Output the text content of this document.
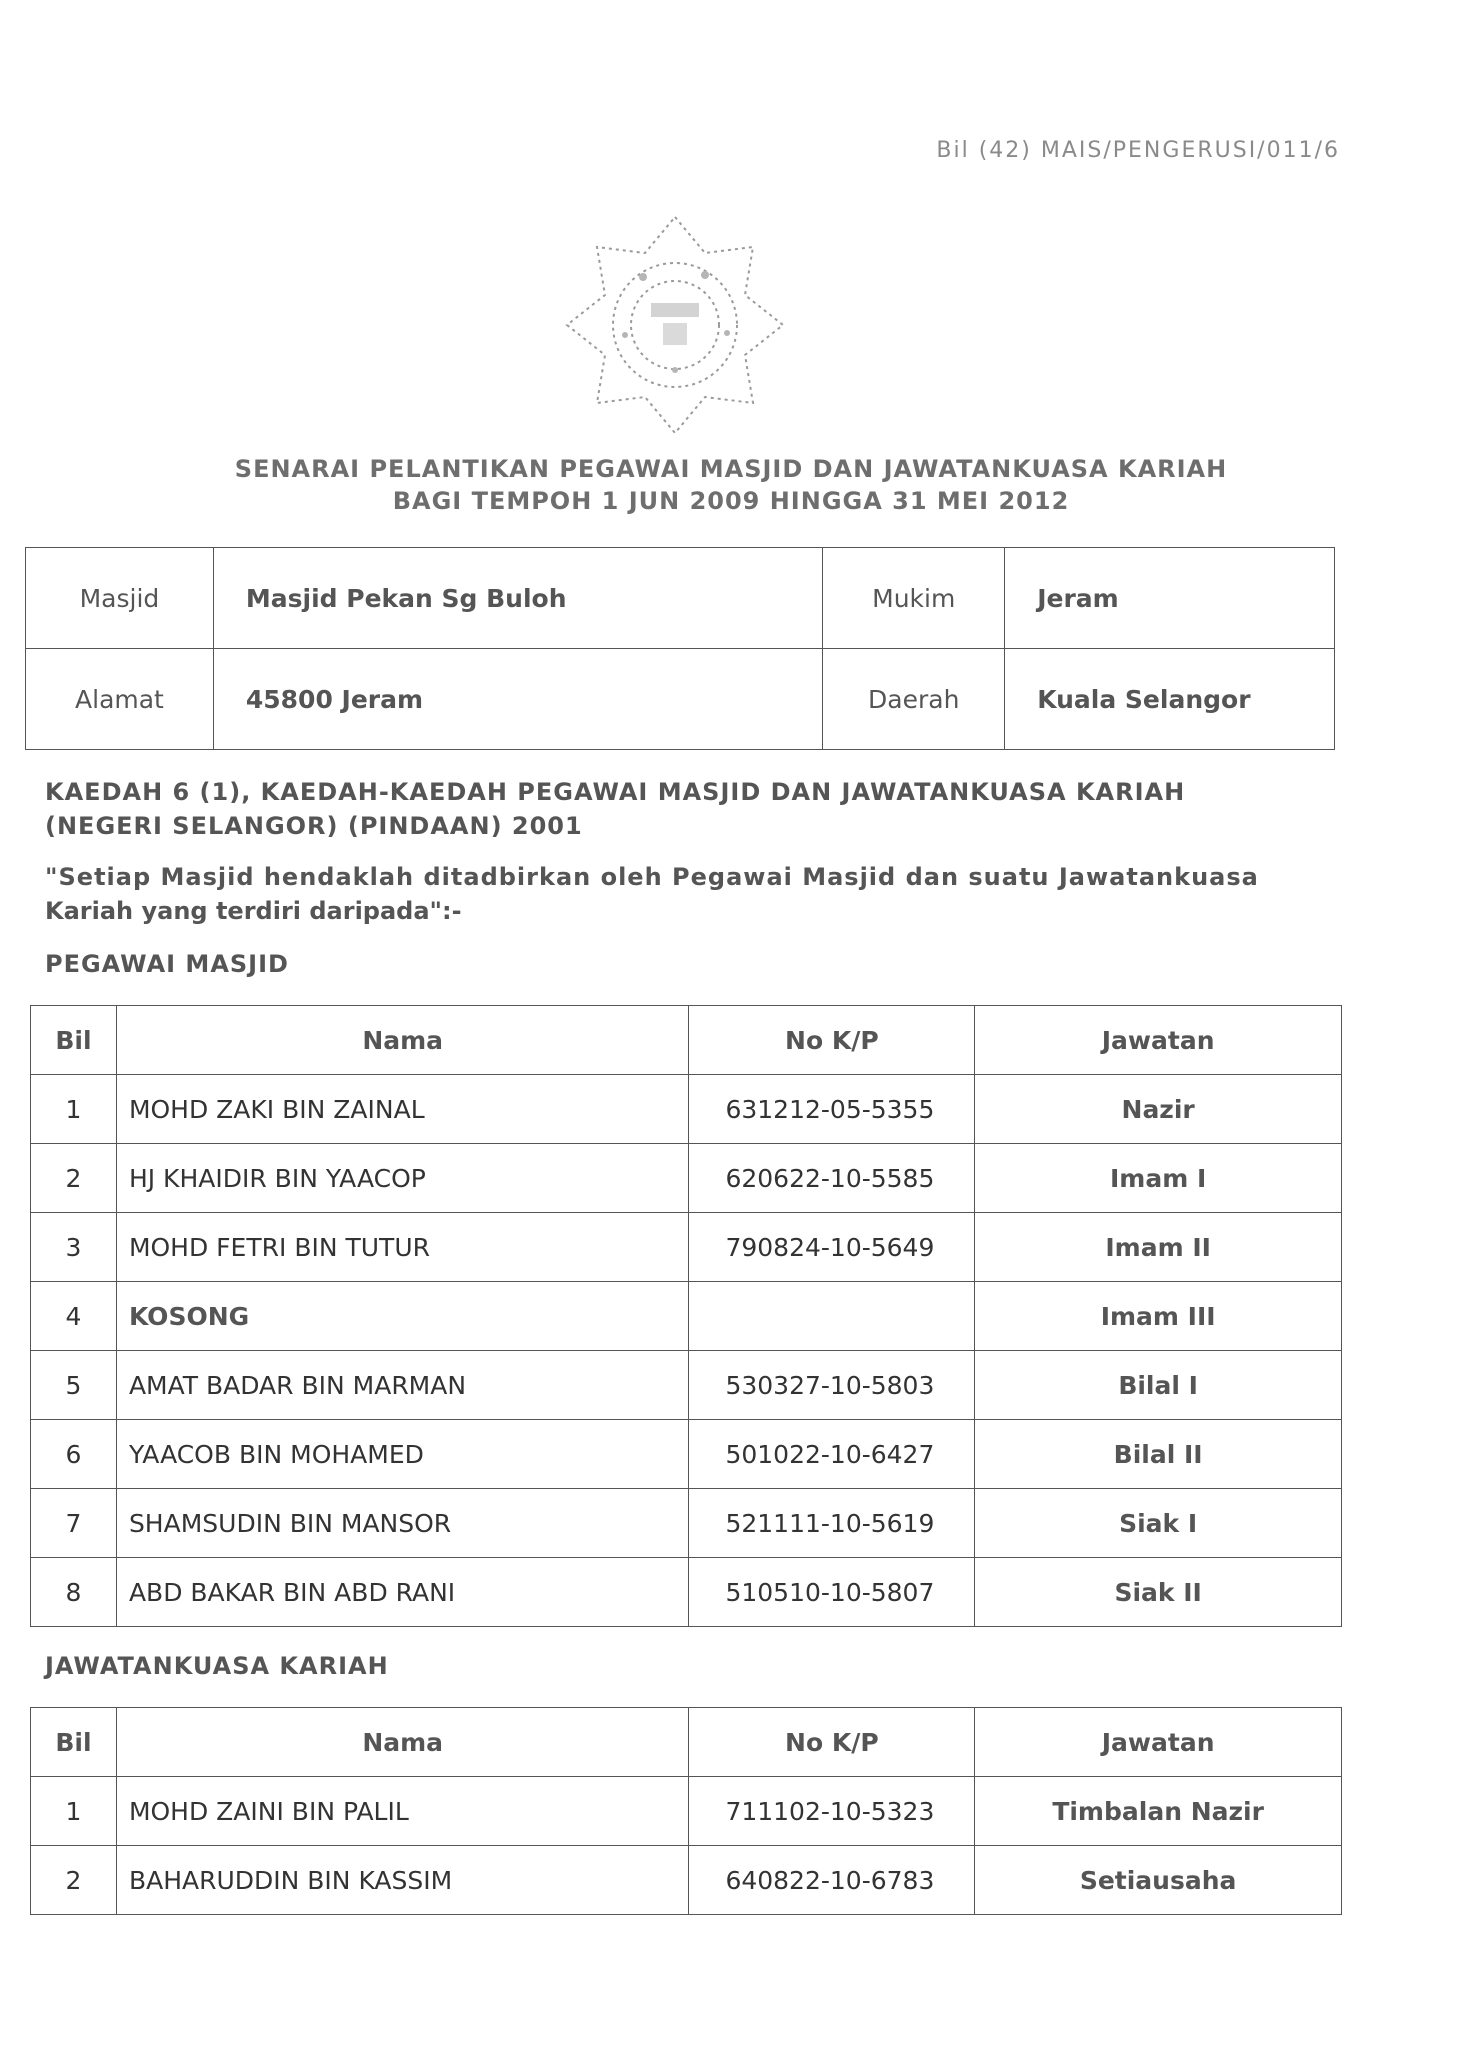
Bil (42) MAIS/PENGERUSI/011/6
SENARAI PELANTIKAN PEGAWAI MASJID DAN JAWATANKUASA KARIAH
BAGI TEMPOH 1 JUN 2009 HINGGA 31 MEI 2012
Masjid	Masjid Pekan Sg Buloh	Mukim	Jeram
Alamat	45800 Jeram	Daerah	Kuala Selangor
KAEDAH 6 (1), KAEDAH-KAEDAH PEGAWAI MASJID DAN JAWATANKUASA KARIAH
(NEGERI SELANGOR) (PINDAAN) 2001
"Setiap Masjid hendaklah ditadbirkan oleh Pegawai Masjid dan suatu Jawatankuasa
Kariah yang terdiri daripada":-
PEGAWAI MASJID
Bil	Nama	No K/P	Jawatan
1	MOHD ZAKI BIN ZAINAL	631212-05-5355	Nazir
2	HJ KHAIDIR BIN YAACOP	620622-10-5585	Imam I
3	MOHD FETRI BIN TUTUR	790824-10-5649	Imam II
4	KOSONG		Imam III
5	AMAT BADAR BIN MARMAN	530327-10-5803	Bilal I
6	YAACOB BIN MOHAMED	501022-10-6427	Bilal II
7	SHAMSUDIN BIN MANSOR	521111-10-5619	Siak I
8	ABD BAKAR BIN ABD RANI	510510-10-5807	Siak II
JAWATANKUASA KARIAH
Bil	Nama	No K/P	Jawatan
1	MOHD ZAINI BIN PALIL	711102-10-5323	Timbalan Nazir
2	BAHARUDDIN BIN KASSIM	640822-10-6783	Setiausaha
